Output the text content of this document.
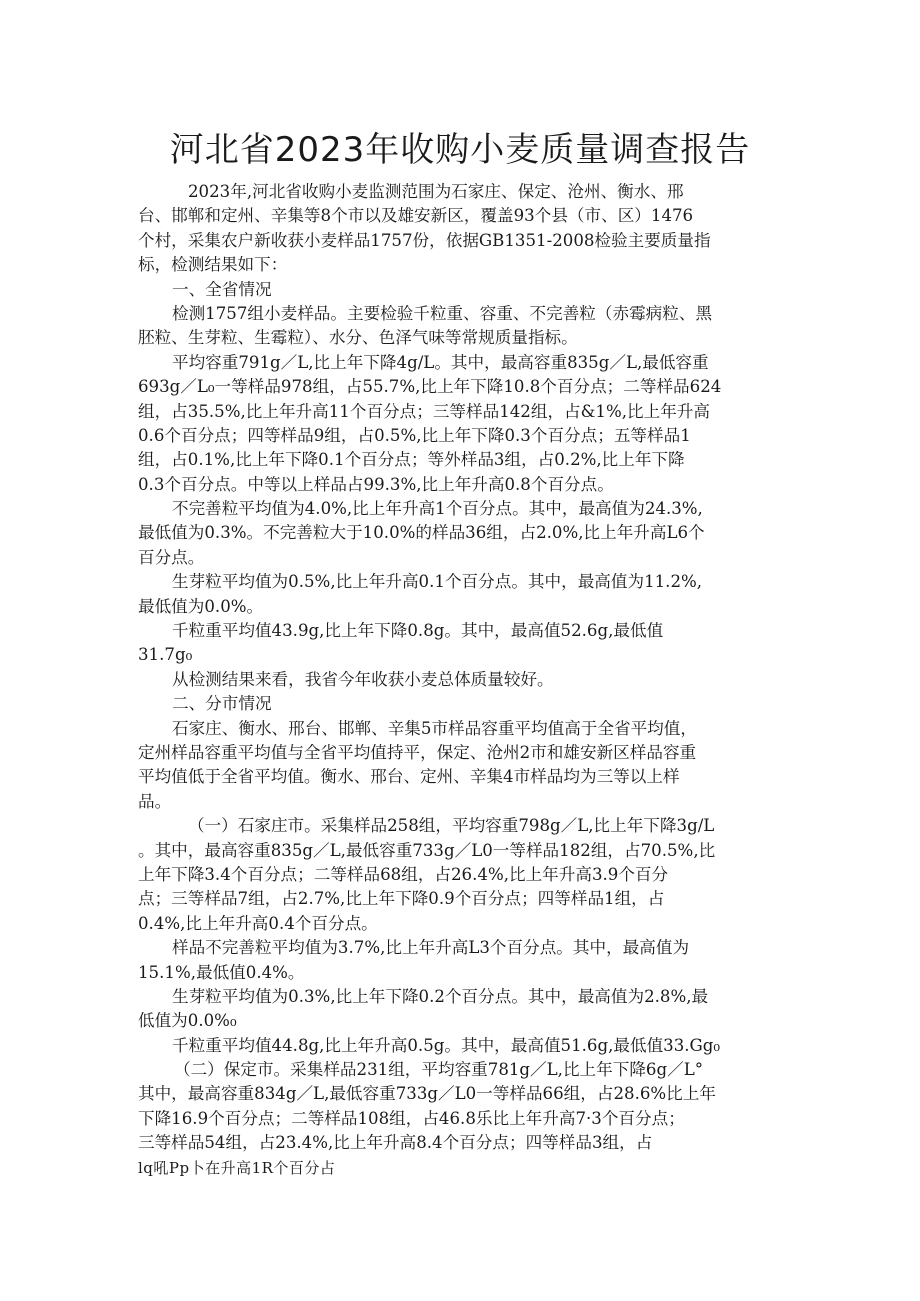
河北省2023年收购小麦质量调查报告
2023年,河北省收购小麦监测范围为石家庄、保定、沧州、衡水、邢
台、邯郸和定州、辛集等8个市以及雄安新区，覆盖93个县（市、区）1476
个村，采集农户新收获小麦样品1757份，依据GB1351-2008检验主要质量指
标，检测结果如下：
一、全省情况
检测1757组小麦样品。主要检验千粒重、容重、不完善粒（赤霉病粒、黑
胚粒、生芽粒、生霉粒）、水分、色泽气味等常规质量指标。
平均容重791g／L,比上年下降4g/L。其中，最高容重835g／L,最低容重
693g／L₀一等样品978组，占55.7%,比上年下降10.8个百分点；二等样品624
组，占35.5%,比上年升高11个百分点；三等样品142组，占&1%,比上年升高
0.6个百分点；四等样品9组，占0.5%,比上年下降0.3个百分点；五等样品1
组，占0.1%,比上年下降0.1个百分点；等外样品3组，占0.2%,比上年下降
0.3个百分点。中等以上样品占99.3%,比上年升高0.8个百分点。
不完善粒平均值为4.0%,比上年升高1个百分点。其中，最高值为24.3%,
最低值为0.3%。不完善粒大于10.0%的样品36组，占2.0%,比上年升高L6个
百分点。
生芽粒平均值为0.5%,比上年升高0.1个百分点。其中，最高值为11.2%,
最低值为0.0%。
千粒重平均值43.9g,比上年下降0.8g。其中，最高值52.6g,最低值
31.7g₀
从检测结果来看，我省今年收获小麦总体质量较好。
二、分市情况
石家庄、衡水、邢台、邯郸、辛集5市样品容重平均值高于全省平均值，
定州样品容重平均值与全省平均值持平，保定、沧州2市和雄安新区样品容重
平均值低于全省平均值。衡水、邢台、定州、辛集4市样品均为三等以上样
品。
（一）石家庄市。采集样品258组，平均容重798g／L,比上年下降3g/L
。其中，最高容重835g／L,最低容重733g／L0一等样品182组，占70.5%,比
上年下降3.4个百分点；二等样品68组，占26.4%,比上年升高3.9个百分
点；三等样品7组，占2.7%,比上年下降0.9个百分点；四等样品1组，占
0.4%,比上年升高0.4个百分点。
样品不完善粒平均值为3.7%,比上年升高L3个百分点。其中，最高值为
15.1%,最低值0.4%。
生芽粒平均值为0.3%,比上年下降0.2个百分点。其中，最高值为2.8%,最
低值为0.0%₀
千粒重平均值44.8g,比上年升高0.5g。其中，最高值51.6g,最低值33.Gg₀
（二）保定市。采集样品231组，平均容重781g／L,比上年下降6g／L°
其中，最高容重834g／L,最低容重733g／L0一等样品66组，占28.6%比上年
下降16.9个百分点；二等样品108组，占46.8乐比上年升高7·3个百分点；
三等样品54组，占23.4%,比上年升高8.4个百分点；四等样品3组，占
lq吼Pp卜在升高1R个百分占
